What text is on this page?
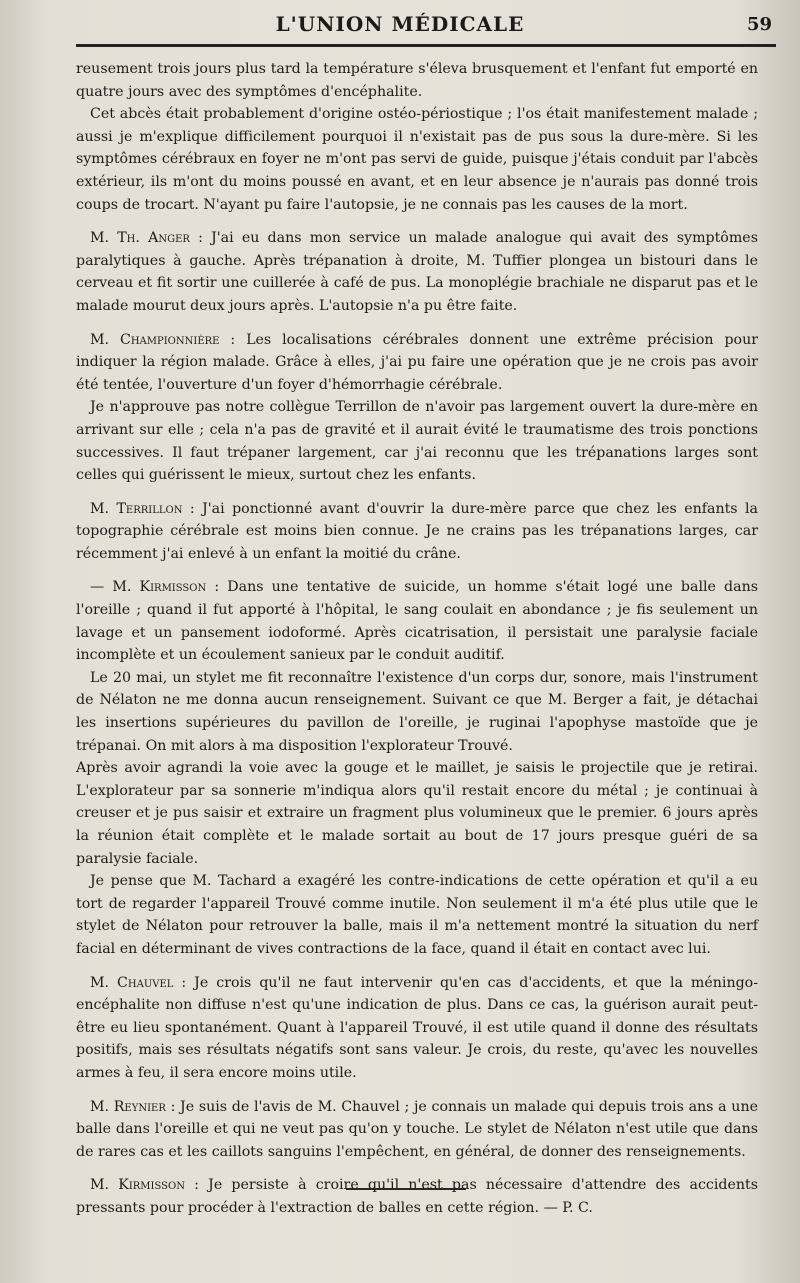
L'UNION MÉDICALE	59

reusement trois jours plus tard la température s'éleva brusquement et l'enfant fut emporté en quatre jours avec des symptômes d'encéphalite.

Cet abcès était probablement d'origine ostéo-périostique ; l'os était manifestement malade ; aussi je m'explique difficilement pourquoi il n'existait pas de pus sous la dure-mère. Si les symptômes cérébraux en foyer ne m'ont pas servi de guide, puisque j'étais conduit par l'abcès extérieur, ils m'ont du moins poussé en avant, et en leur absence je n'aurais pas donné trois coups de trocart. N'ayant pu faire l'autopsie, je ne connais pas les causes de la mort.

M. Th. Anger : J'ai eu dans mon service un malade analogue qui avait des symptômes paralytiques à gauche. Après trépanation à droite, M. Tuffier plongea un bistouri dans le cerveau et fit sortir une cuillerée à café de pus. La monoplégie brachiale ne disparut pas et le malade mourut deux jours après. L'autopsie n'a pu être faite.

M. Championnière : Les localisations cérébrales donnent une extrême précision pour indiquer la région malade. Grâce à elles, j'ai pu faire une opération que je ne crois pas avoir été tentée, l'ouverture d'un foyer d'hémorrhagie cérébrale.

Je n'approuve pas notre collègue Terrillon de n'avoir pas largement ouvert la dure-mère en arrivant sur elle ; cela n'a pas de gravité et il aurait évité le traumatisme des trois ponctions successives. Il faut trépaner largement, car j'ai reconnu que les trépanations larges sont celles qui guérissent le mieux, surtout chez les enfants.

M. Terrillon : J'ai ponctionné avant d'ouvrir la dure-mère parce que chez les enfants la topographie cérébrale est moins bien connue. Je ne crains pas les trépanations larges, car récemment j'ai enlevé à un enfant la moitié du crâne.

— M. Kirmisson : Dans une tentative de suicide, un homme s'était logé une balle dans l'oreille ; quand il fut apporté à l'hôpital, le sang coulait en abondance ; je fis seulement un lavage et un pansement iodoformé. Après cicatrisation, il persistait une paralysie faciale incomplète et un écoulement sanieux par le conduit auditif.

Le 20 mai, un stylet me fit reconnaître l'existence d'un corps dur, sonore, mais l'instrument de Nélaton ne me donna aucun renseignement. Suivant ce que M. Berger a fait, je détachai les insertions supérieures du pavillon de l'oreille, je ruginai l'apophyse mastoïde que je trépanai. On mit alors à ma disposition l'explorateur Trouvé.

Après avoir agrandi la voie avec la gouge et le maillet, je saisis le projectile que je retirai. L'explorateur par sa sonnerie m'indiqua alors qu'il restait encore du métal ; je continuai à creuser et je pus saisir et extraire un fragment plus volumineux que le premier. 6 jours après la réunion était complète et le malade sortait au bout de 17 jours presque guéri de sa paralysie faciale.

Je pense que M. Tachard a exagéré les contre-indications de cette opération et qu'il a eu tort de regarder l'appareil Trouvé comme inutile. Non seulement il m'a été plus utile que le stylet de Nélaton pour retrouver la balle, mais il m'a nettement montré la situation du nerf facial en déterminant de vives contractions de la face, quand il était en contact avec lui.

M. Chauvel : Je crois qu'il ne faut intervenir qu'en cas d'accidents, et que la méningo-encéphalite non diffuse n'est qu'une indication de plus. Dans ce cas, la guérison aurait peut-être eu lieu spontanément. Quant à l'appareil Trouvé, il est utile quand il donne des résultats positifs, mais ses résultats négatifs sont sans valeur. Je crois, du reste, qu'avec les nouvelles armes à feu, il sera encore moins utile.

M. Reynier : Je suis de l'avis de M. Chauvel ; je connais un malade qui depuis trois ans a une balle dans l'oreille et qui ne veut pas qu'on y touche. Le stylet de Nélaton n'est utile que dans de rares cas et les caillots sanguins l'empêchent, en général, de donner des renseignements.

M. Kirmisson : Je persiste à croire qu'il n'est pas nécessaire d'attendre des accidents pressants pour procéder à l'extraction de balles en cette région. — P. C.
